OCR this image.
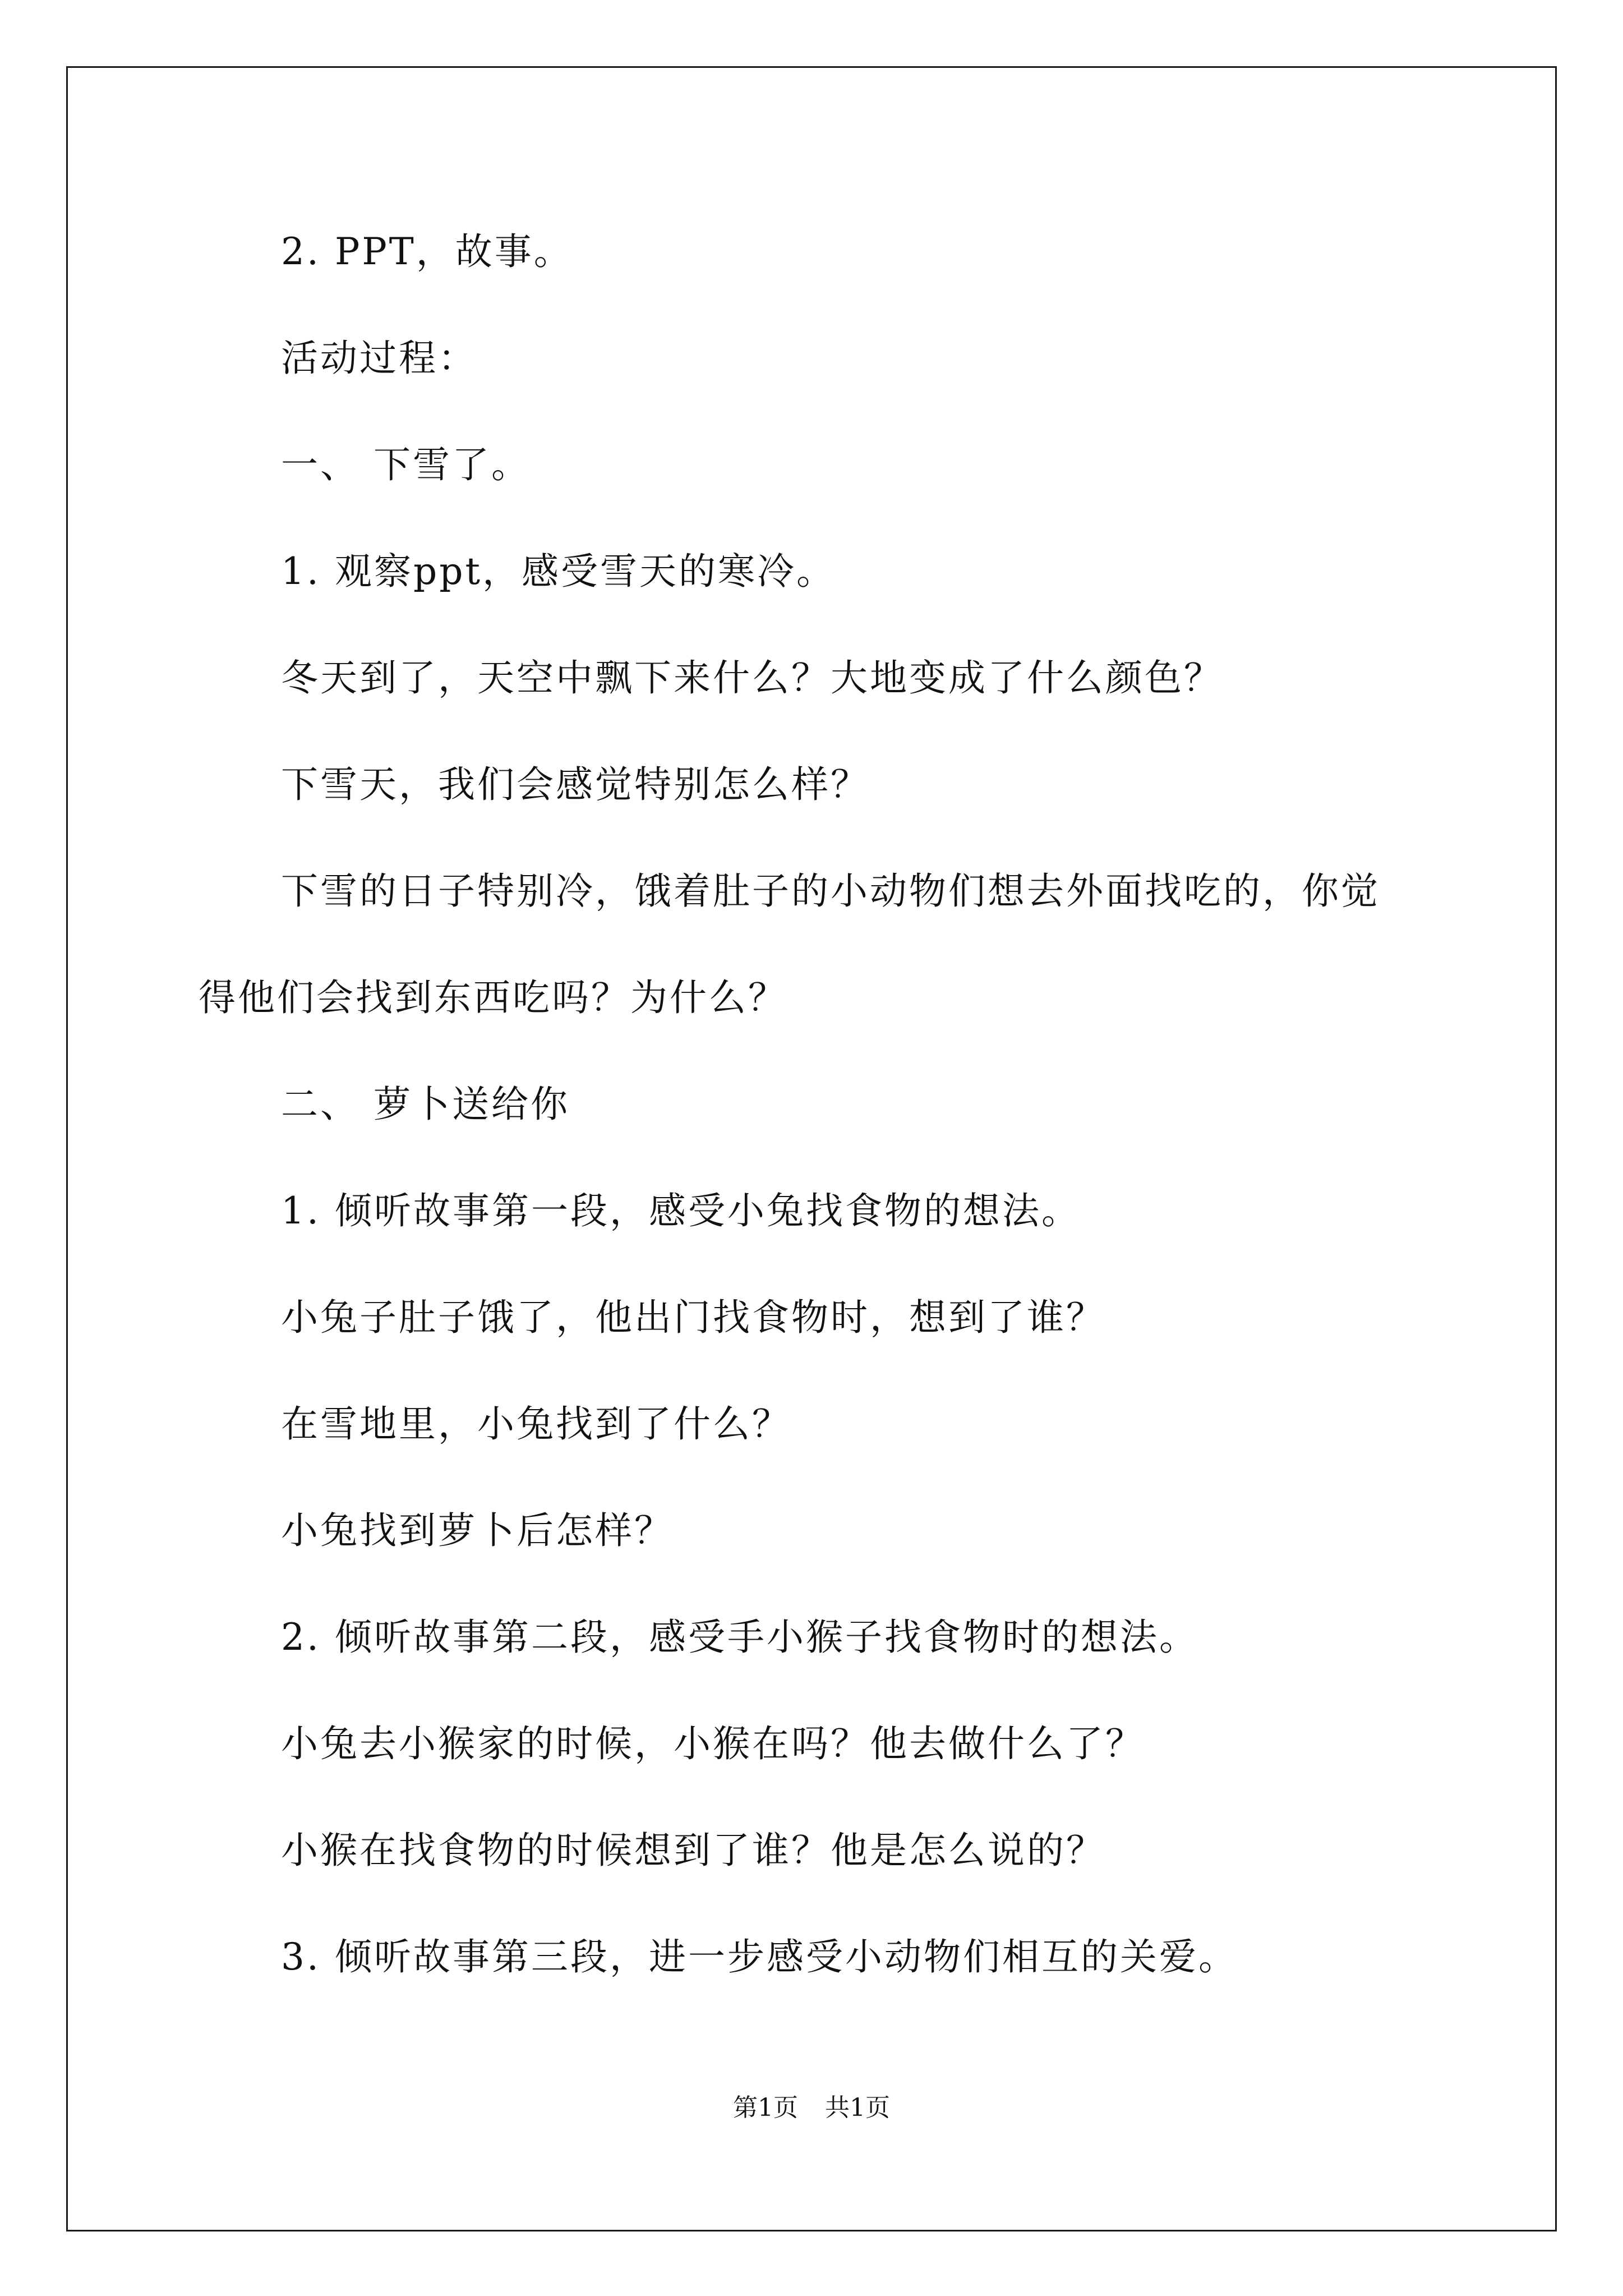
2. PPT，故事。
活动过程：
一、 下雪了。
1. 观察ppt，感受雪天的寒冷。
冬天到了，天空中飘下来什么？大地变成了什么颜色？
下雪天，我们会感觉特别怎么样？
下雪的日子特别冷，饿着肚子的小动物们想去外面找吃的，你觉
得他们会找到东西吃吗？为什么？
二、 萝卜送给你
1. 倾听故事第一段，感受小兔找食物的想法。
小兔子肚子饿了，他出门找食物时，想到了谁？
在雪地里，小兔找到了什么？
小兔找到萝卜后怎样？
2. 倾听故事第二段，感受手小猴子找食物时的想法。
小兔去小猴家的时候，小猴在吗？他去做什么了？
小猴在找食物的时候想到了谁？他是怎么说的？
3. 倾听故事第三段，进一步感受小动物们相互的关爱。
第1页 共1页
